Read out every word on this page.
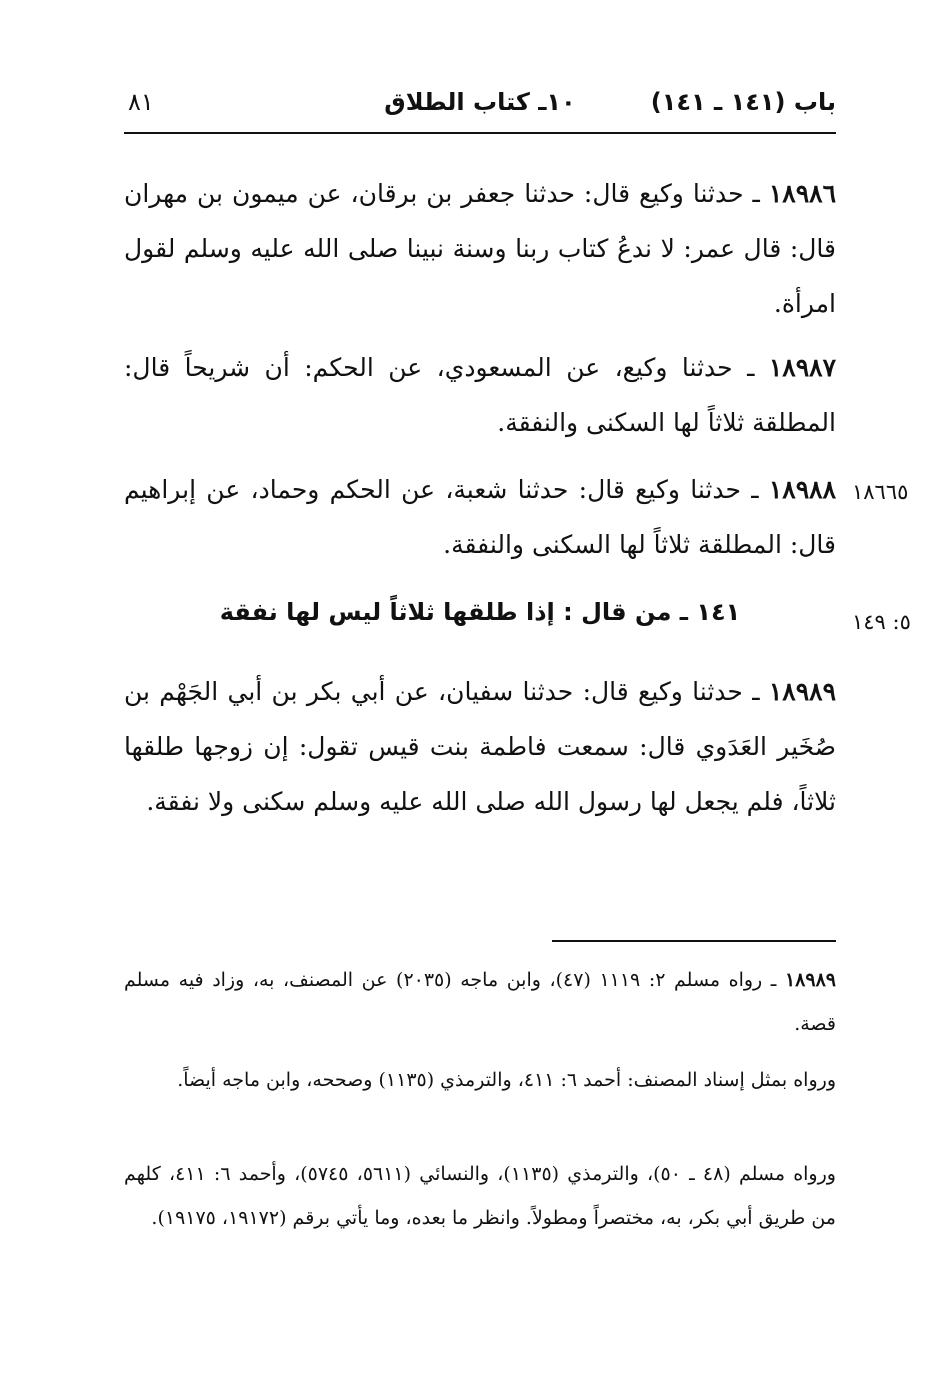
باب (١٤١ ـ ١٤١)
١٠ـ كتاب الطلاق
٨١
١٨٩٨٦ ـ حدثنا وكيع قال: حدثنا جعفر بن برقان، عن ميمون بن مهران قال: قال عمر: لا ندعُ كتاب ربنا وسنة نبينا صلى الله عليه وسلم لقول امرأة.
١٨٩٨٧ ـ حدثنا وكيع، عن المسعودي، عن الحكم: أن شريحاً قال: المطلقة ثلاثاً لها السكنى والنفقة.
١٨٦٦٥
١٨٩٨٨ ـ حدثنا وكيع قال: حدثنا شعبة، عن الحكم وحماد، عن إبراهيم قال: المطلقة ثلاثاً لها السكنى والنفقة.
٥: ١٤٩
١٤١ ـ من قال : إذا طلقها ثلاثاً ليس لها نفقة
١٨٩٨٩ ـ حدثنا وكيع قال: حدثنا سفيان، عن أبي بكر بن أبي الجَهْم بن صُخَير العَدَوي قال: سمعت فاطمة بنت قيس تقول: إن زوجها طلقها ثلاثاً، فلم يجعل لها رسول الله صلى الله عليه وسلم سكنى ولا نفقة.
١٨٩٨٩ ـ رواه مسلم ٢: ١١١٩ (٤٧)، وابن ماجه (٢٠٣٥) عن المصنف، به، وزاد فيه مسلم قصة.
ورواه بمثل إسناد المصنف: أحمد ٦: ٤١١، والترمذي (١١٣٥) وصححه، وابن ماجه أيضاً.
ورواه مسلم (٤٨ ـ ٥٠)، والترمذي (١١٣٥)، والنسائي (٥٦١١، ٥٧٤٥)، وأحمد ٦: ٤١١، كلهم من طريق أبي بكر، به، مختصراً ومطولاً. وانظر ما بعده، وما يأتي برقم (١٩١٧٢، ١٩١٧٥).
